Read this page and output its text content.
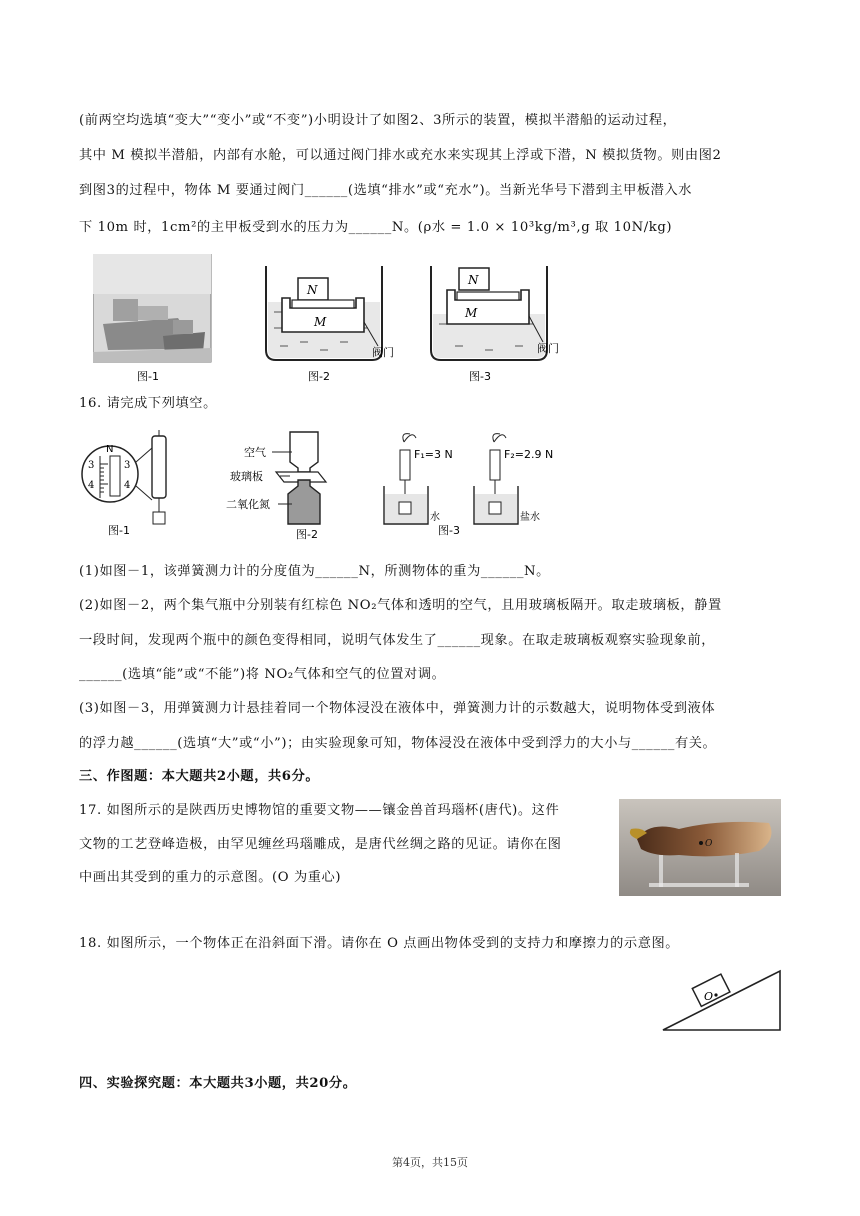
(前两空均选填“变大”“变小”或“不变”)小明设计了如图2、3所示的装置，模拟半潜船的运动过程，
其中 M 模拟半潜船，内部有水舱，可以通过阀门排水或充水来实现其上浮或下潜，N 模拟货物。则由图2
到图3的过程中，物体 M 要通过阀门______(选填“排水”或“充水”)。当新光华号下潜到主甲板潜入水
下 10m 时，1cm²的主甲板受到水的压力为______N。(ρ水 = 1.0 × 10³kg/m³,g 取 10N/kg)
图-1
N
M
阀门
图-2
N
M
阀门
图-3
16. 请完成下列填空。
N
3	3
4	4
图-1
空气
玻璃板
二氧化氮
图-2
F₁=3 N
水
F₂=2.9 N
盐水
图-3
(1)如图－1，该弹簧测力计的分度值为______N，所测物体的重为______N。
(2)如图－2，两个集气瓶中分别装有红棕色 NO₂气体和透明的空气，且用玻璃板隔开。取走玻璃板，静置
一段时间，发现两个瓶中的颜色变得相同，说明气体发生了______现象。在取走玻璃板观察实验现象前，
______(选填“能”或“不能”)将 NO₂气体和空气的位置对调。
(3)如图－3，用弹簧测力计悬挂着同一个物体浸没在液体中，弹簧测力计的示数越大，说明物体受到液体
的浮力越______(选填“大”或“小”)；由实验现象可知，物体浸没在液体中受到浮力的大小与______有关。
三、作图题：本大题共2小题，共6分。
17. 如图所示的是陕西历史博物馆的重要文物——镶金兽首玛瑙杯(唐代)。这件
文物的工艺登峰造极，由罕见缠丝玛瑙雕成，是唐代丝绸之路的见证。请你在图
中画出其受到的重力的示意图。(O 为重心)
O
18. 如图所示，一个物体正在沿斜面下滑。请你在 O 点画出物体受到的支持力和摩擦力的示意图。
O
四、实验探究题：本大题共3小题，共20分。
第4页，共15页
